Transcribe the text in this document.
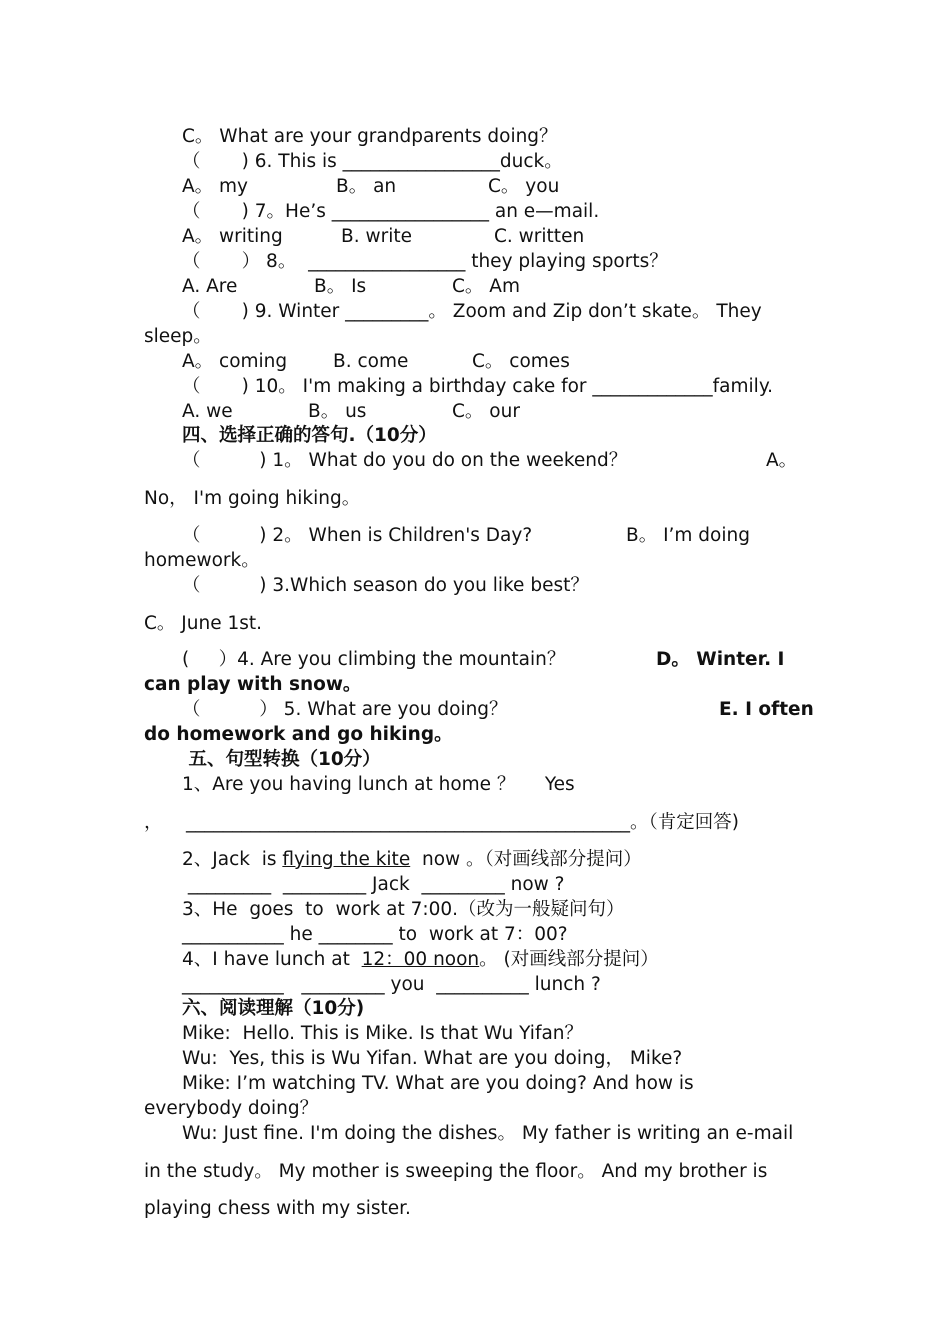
C。 What are your grandparents doing？
（       ) 6. This is _________________duck。
A。 my	B。 an	C。 you
（       ) 7。He’s _________________ an e—mail.
A。 writing	B. write	C. written
（       ） 8。  _________________ they playing sports？
A. Are	B。 Is	C。 Am
（       ) 9. Winter _________。 Zoom and Zip don’t skate。 They
sleep。
A。 coming B. come	C。 comes
（       ) 10。 I'm making a birthday cake for _____________family.
A. we	B。 us	C。 our
四、选择正确的答句.（10分）
（          ) 1。 What do you do on the weekend？	A。
No， I'm going hiking。
（          ) 2。 When is Children's Day?	B。 I’m doing
homework。
（          ) 3.Which season do you like best？
C。 June 1st.
(     ）4. Are you climbing the mountain？	D。 Winter. I
can play with snow。
（          ） 5. What are you doing？	E. I often
do homework and go hiking。
五、句型转换（10分）
1、Are you having lunch at home ？     Yes
，    ________________________________________________。（肯定回答)
2、Jack  is flying the kite  now 。（对画线部分提问）
_________  _________ Jack  _________ now ?
3、He  goes  to  work at 7:00.（改为一般疑问句）
___________ he ________ to  work at 7：00?
4、I have lunch at  12：00 noon。 (对画线部分提问）
___________   _________ you  __________ lunch ?
六、阅读理解（10分)
Mike:  Hello. This is Mike. Is that Wu Yifan？
Wu:  Yes, this is Wu Yifan. What are you doing， Mike?
Mike: I’m watching TV. What are you doing? And how is
everybody doing？
Wu: Just fine. I'm doing the dishes。 My father is writing an e-mail
in the study。 My mother is sweeping the floor。 And my brother is
playing chess with my sister.
